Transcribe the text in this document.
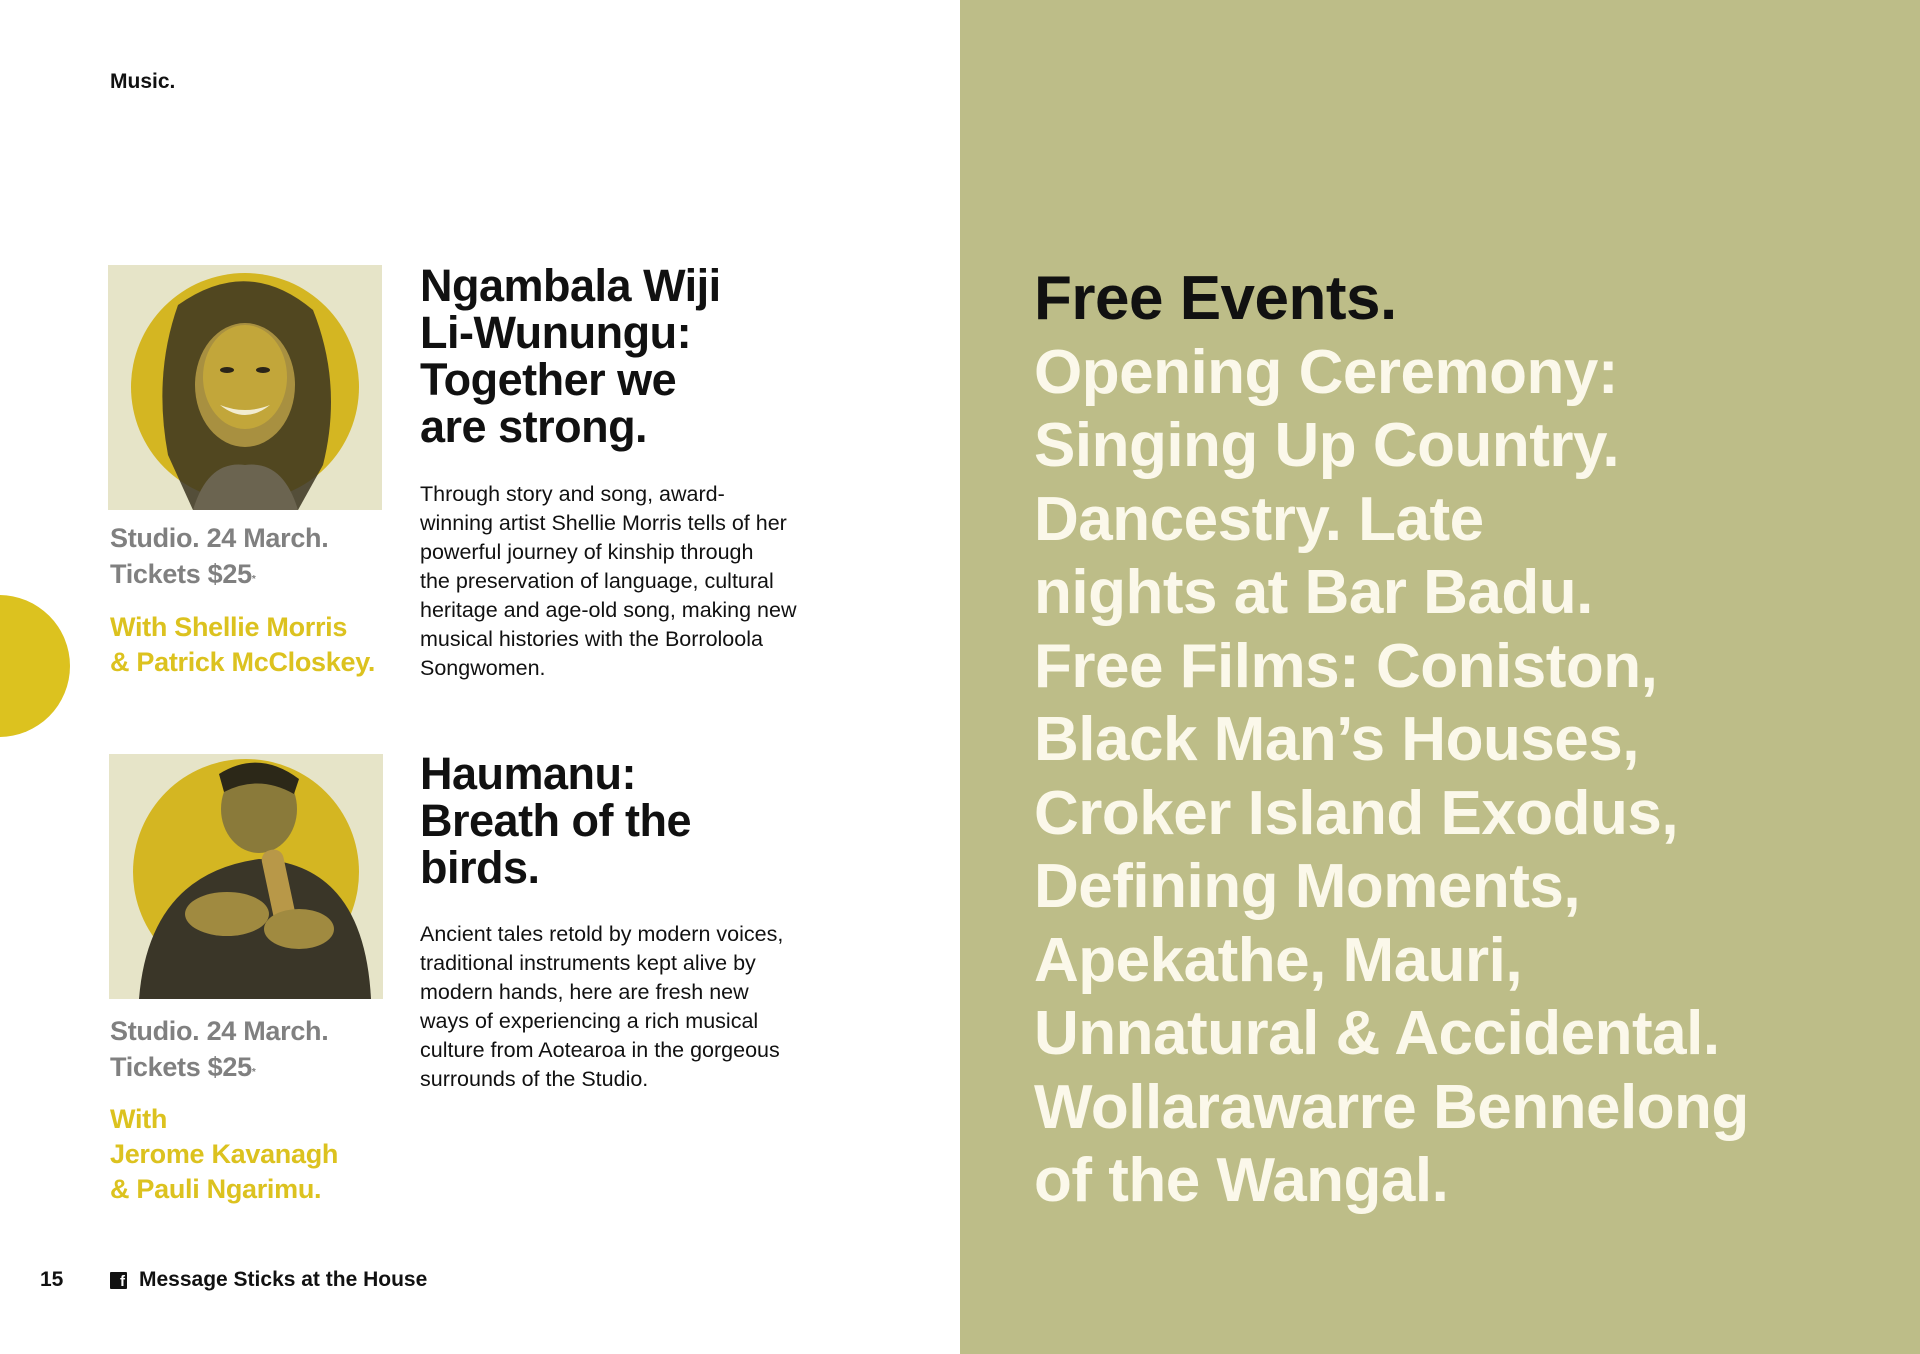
Music.
Studio. 24 March.
Tickets $25*
With Shellie Morris
& Patrick McCloskey.
Ngambala Wiji
Li-Wunungu:
Together we
are strong.
Through story and song, award-
winning artist Shellie Morris tells of her
powerful journey of kinship through
the preservation of language, cultural
heritage and age-old song, making new
musical histories with the Borroloola
Songwomen.
Studio. 24 March.
Tickets $25*
With
Jerome Kavanagh
& Pauli Ngarimu.
Haumanu:
Breath of the
birds.
Ancient tales retold by modern voices,
traditional instruments kept alive by
modern hands, here are fresh new
ways of experiencing a rich musical
culture from Aotearoa in the gorgeous
surrounds of the Studio.
15	f Message Sticks at the House
Free Events.
Opening Ceremony:
Singing Up Country.
Dancestry. Late
nights at Bar Badu.
Free Films: Coniston,
Black Man’s Houses,
Croker Island Exodus,
Defining Moments,
Apekathe, Mauri,
Unnatural & Accidental.
Wollarawarre Bennelong
of the Wangal.
